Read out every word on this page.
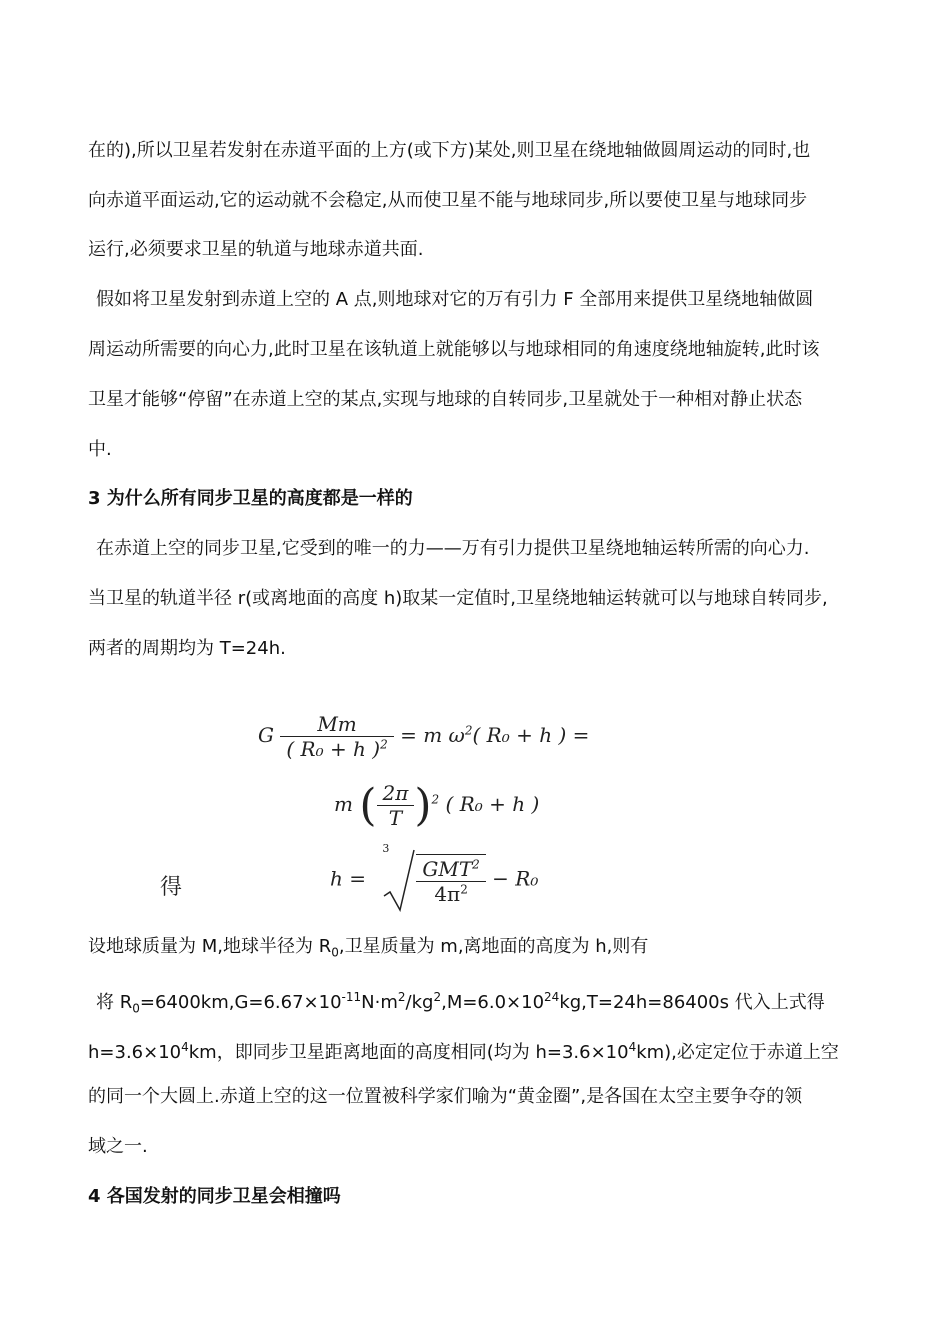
在的),所以卫星若发射在赤道平面的上方(或下方)某处,则卫星在绕地轴做圆周运动的同时,也
向赤道平面运动,它的运动就不会稳定,从而使卫星不能与地球同步,所以要使卫星与地球同步
运行,必须要求卫星的轨道与地球赤道共面.
假如将卫星发射到赤道上空的 A 点,则地球对它的万有引力 F 全部用来提供卫星绕地轴做圆
周运动所需要的向心力,此时卫星在该轨道上就能够以与地球相同的角速度绕地轴旋转,此时该
卫星才能够“停留”在赤道上空的某点,实现与地球的自转同步,卫星就处于一种相对静止状态
中.
3 为什么所有同步卫星的高度都是一样的
在赤道上空的同步卫星,它受到的唯一的力——万有引力提供卫星绕地轴运转所需的向心力.
当卫星的轨道半径 r(或离地面的高度 h)取某一定值时,卫星绕地轴运转就可以与地球自转同步,
两者的周期均为 T=24h.
G $\frac{Mm}{( R_0 + h )^2} = m$ $\omega^2$( R₀ + h ) =
m ( $\frac{2\pi}{T} )^2$ ( R₀ + h )
得	h =
3
$\frac{GMT^2}{4\pi^2} - R_0$
设地球质量为 M,地球半径为 $R_0$,卫星质量为 m,离地面的高度为 h,则有
将 $R_0=6400km,G=6.67\times 10^{-11}N\cdot m^2/kg^2,M=6.0\times 10^{24}kg,T=24h=86400s$ 代入上式得
$h=3.6\times 10^4km$，即同步卫星距离地面的高度相同(均为 $h=3.6\times 10^4km$),必定定位于赤道上空
的同一个大圆上.赤道上空的这一位置被科学家们喻为“黄金圈”,是各国在太空主要争夺的领
域之一.
4 各国发射的同步卫星会相撞吗
